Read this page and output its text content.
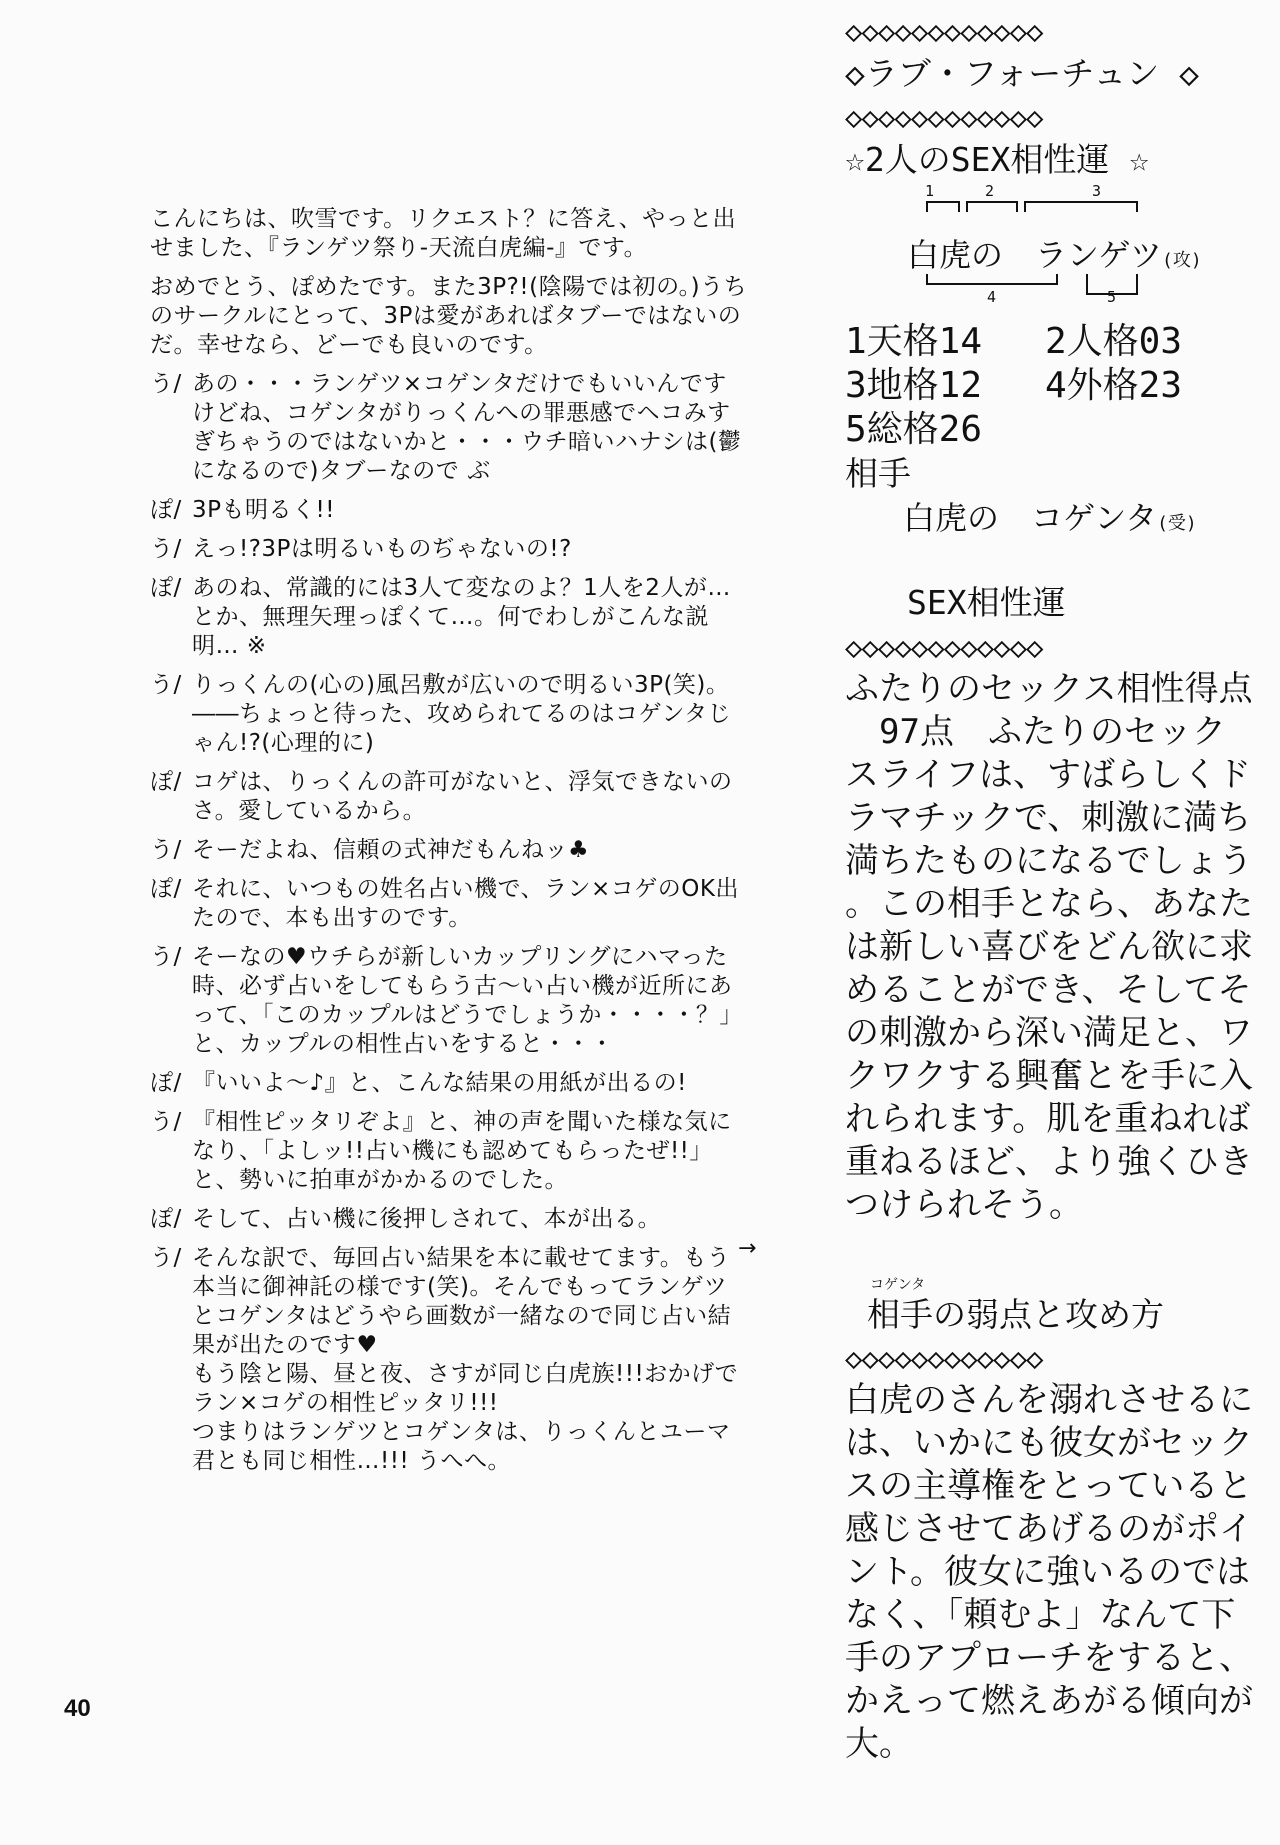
こんにちは、吹雪です。リクエスト？に答え、やっと出せました、『ランゲツ祭り-天流白虎編-』です。

おめでとう、ぽめたです。また3P?!(陰陽では初の。)うちのサークルにとって、3Pは愛があればタブーではないのだ。幸せなら、どーでも良いのです。

う/ あの・・・ランゲツ×コゲンタだけでもいいんですけどね、コゲンタがりっくんへの罪悪感でヘコみすぎちゃうのではないかと・・・ウチ暗いハナシは(鬱になるので)タブーなので ぶ
ぽ/ 3Pも明るく!!
う/ えっ!?3Pは明るいものぢゃないの!?
ぽ/ あのね、常識的には3人て変なのよ？1人を2人が…とか、無理矢理っぽくて…。何でわしがこんな説明… ※
う/ りっくんの(心の)風呂敷が広いので明るい3P(笑)。――ちょっと待った、攻められてるのはコゲンタじゃん!?(心理的に)
ぽ/ コゲは、りっくんの許可がないと、浮気できないのさ。愛しているから。
う/ そーだよね、信頼の式神だもんねッ♣
ぽ/ それに、いつもの姓名占い機で、ラン×コゲのOK出たので、本も出すのです。
う/ そーなの♥ウチらが新しいカップリングにハマった時、必ず占いをしてもらう古～い占い機が近所にあって、「このカップルはどうでしょうか・・・・？」と、カップルの相性占いをすると・・・
ぽ/ 『いいよ～♪』と、こんな結果の用紙が出るの!
う/ 『相性ピッタリぞよ』と、神の声を聞いた様な気になり、「よしッ!!占い機にも認めてもらったぜ!!」と、勢いに拍車がかかるのでした。
ぽ/ そして、占い機に後押しされて、本が出る。
う/ そんな訳で、毎回占い結果を本に載せてます。もう本当に御神託の様です(笑)。そんでもってランゲツとコゲンタはどうやら画数が一緒なので同じ占い結果が出たのです♥
もう陰と陽、昼と夜、さすが同じ白虎族!!!おかげでラン×コゲの相性ピッタリ!!!
つまりはランゲツとコゲンタは、りっくんとユーマ君とも同じ相性…!!! うへへ。
→
40
◇◇◇◇◇◇◇◇◇◇◇◇
◇ラブ・フォーチュン ◇
◇◇◇◇◇◇◇◇◇◇◇◇
☆2人のSEX相性運 ☆
1	2	3
白虎の　ランゲツ(攻)
4	5
1天格14 2人格03
3地格12 4外格23
5総格26
相手
白虎の　コゲンタ(受)
SEX相性運
◇◇◇◇◇◇◇◇◇◇◇◇
ふたりのセックス相性得点
　97点　ふたりのセック
スライフは、すばらしくド
ラマチックで、刺激に満ち
満ちたものになるでしょう
。この相手となら、あなた
は新しい喜びをどん欲に求
めることができ、そしてそ
の刺激から深い満足と、ワ
クワクする興奮とを手に入
れられます。肌を重ねれば
重ねるほど、より強くひき
つけられそう。
コゲンタ
相手の弱点と攻め方
◇◇◇◇◇◇◇◇◇◇◇◇
白虎のさんを溺れさせるに
は、いかにも彼女がセック
スの主導権をとっていると
感じさせてあげるのがポイ
ント。彼女に強いるのでは
なく、「頼むよ」なんて下
手のアプローチをすると、
かえって燃えあがる傾向が
大。
